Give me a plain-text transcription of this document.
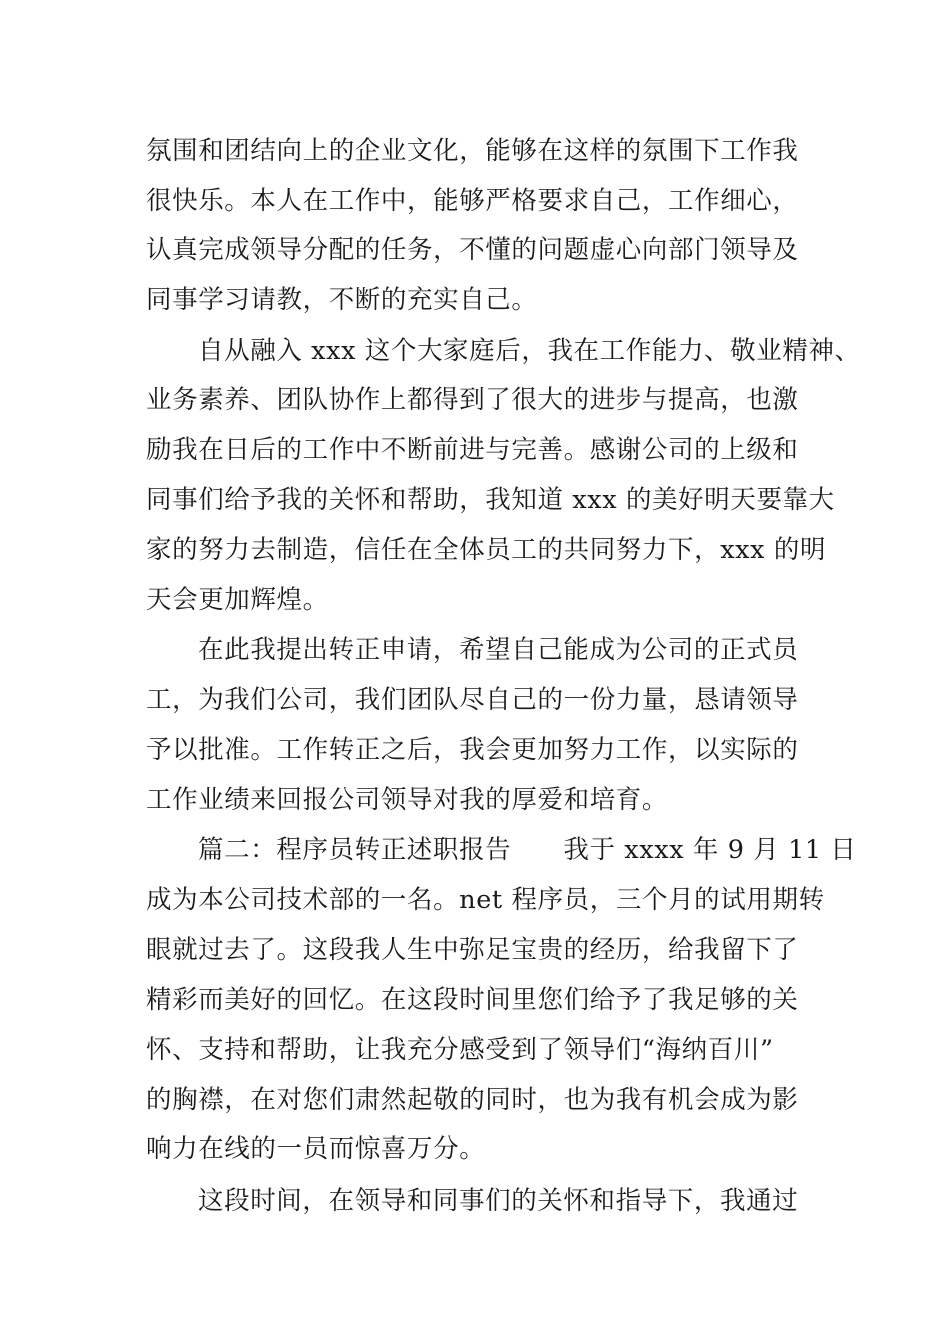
氛围和团结向上的企业文化，能够在这样的氛围下工作我

很快乐。本人在工作中，能够严格要求自己，工作细心，

认真完成领导分配的任务，不懂的问题虚心向部门领导及

同事学习请教，不断的充实自己。

自从融入 xxx 这个大家庭后，我在工作能力、敬业精神、

业务素养、团队协作上都得到了很大的进步与提高，也激

励我在日后的工作中不断前进与完善。感谢公司的上级和

同事们给予我的关怀和帮助，我知道 xxx 的美好明天要靠大

家的努力去制造，信任在全体员工的共同努力下，xxx 的明

天会更加辉煌。

在此我提出转正申请，希望自己能成为公司的正式员

工，为我们公司，我们团队尽自己的一份力量，恳请领导

予以批准。工作转正之后，我会更加努力工作，以实际的

工作业绩来回报公司领导对我的厚爱和培育。

篇二：程序员转正述职报告　　我于 xxxx 年 9 月 11 日

成为本公司技术部的一名。net 程序员，三个月的试用期转

眼就过去了。这段我人生中弥足宝贵的经历，给我留下了

精彩而美好的回忆。在这段时间里您们给予了我足够的关

怀、支持和帮助，让我充分感受到了领导们“海纳百川”

的胸襟，在对您们肃然起敬的同时，也为我有机会成为影

响力在线的一员而惊喜万分。

这段时间，在领导和同事们的关怀和指导下，我通过
